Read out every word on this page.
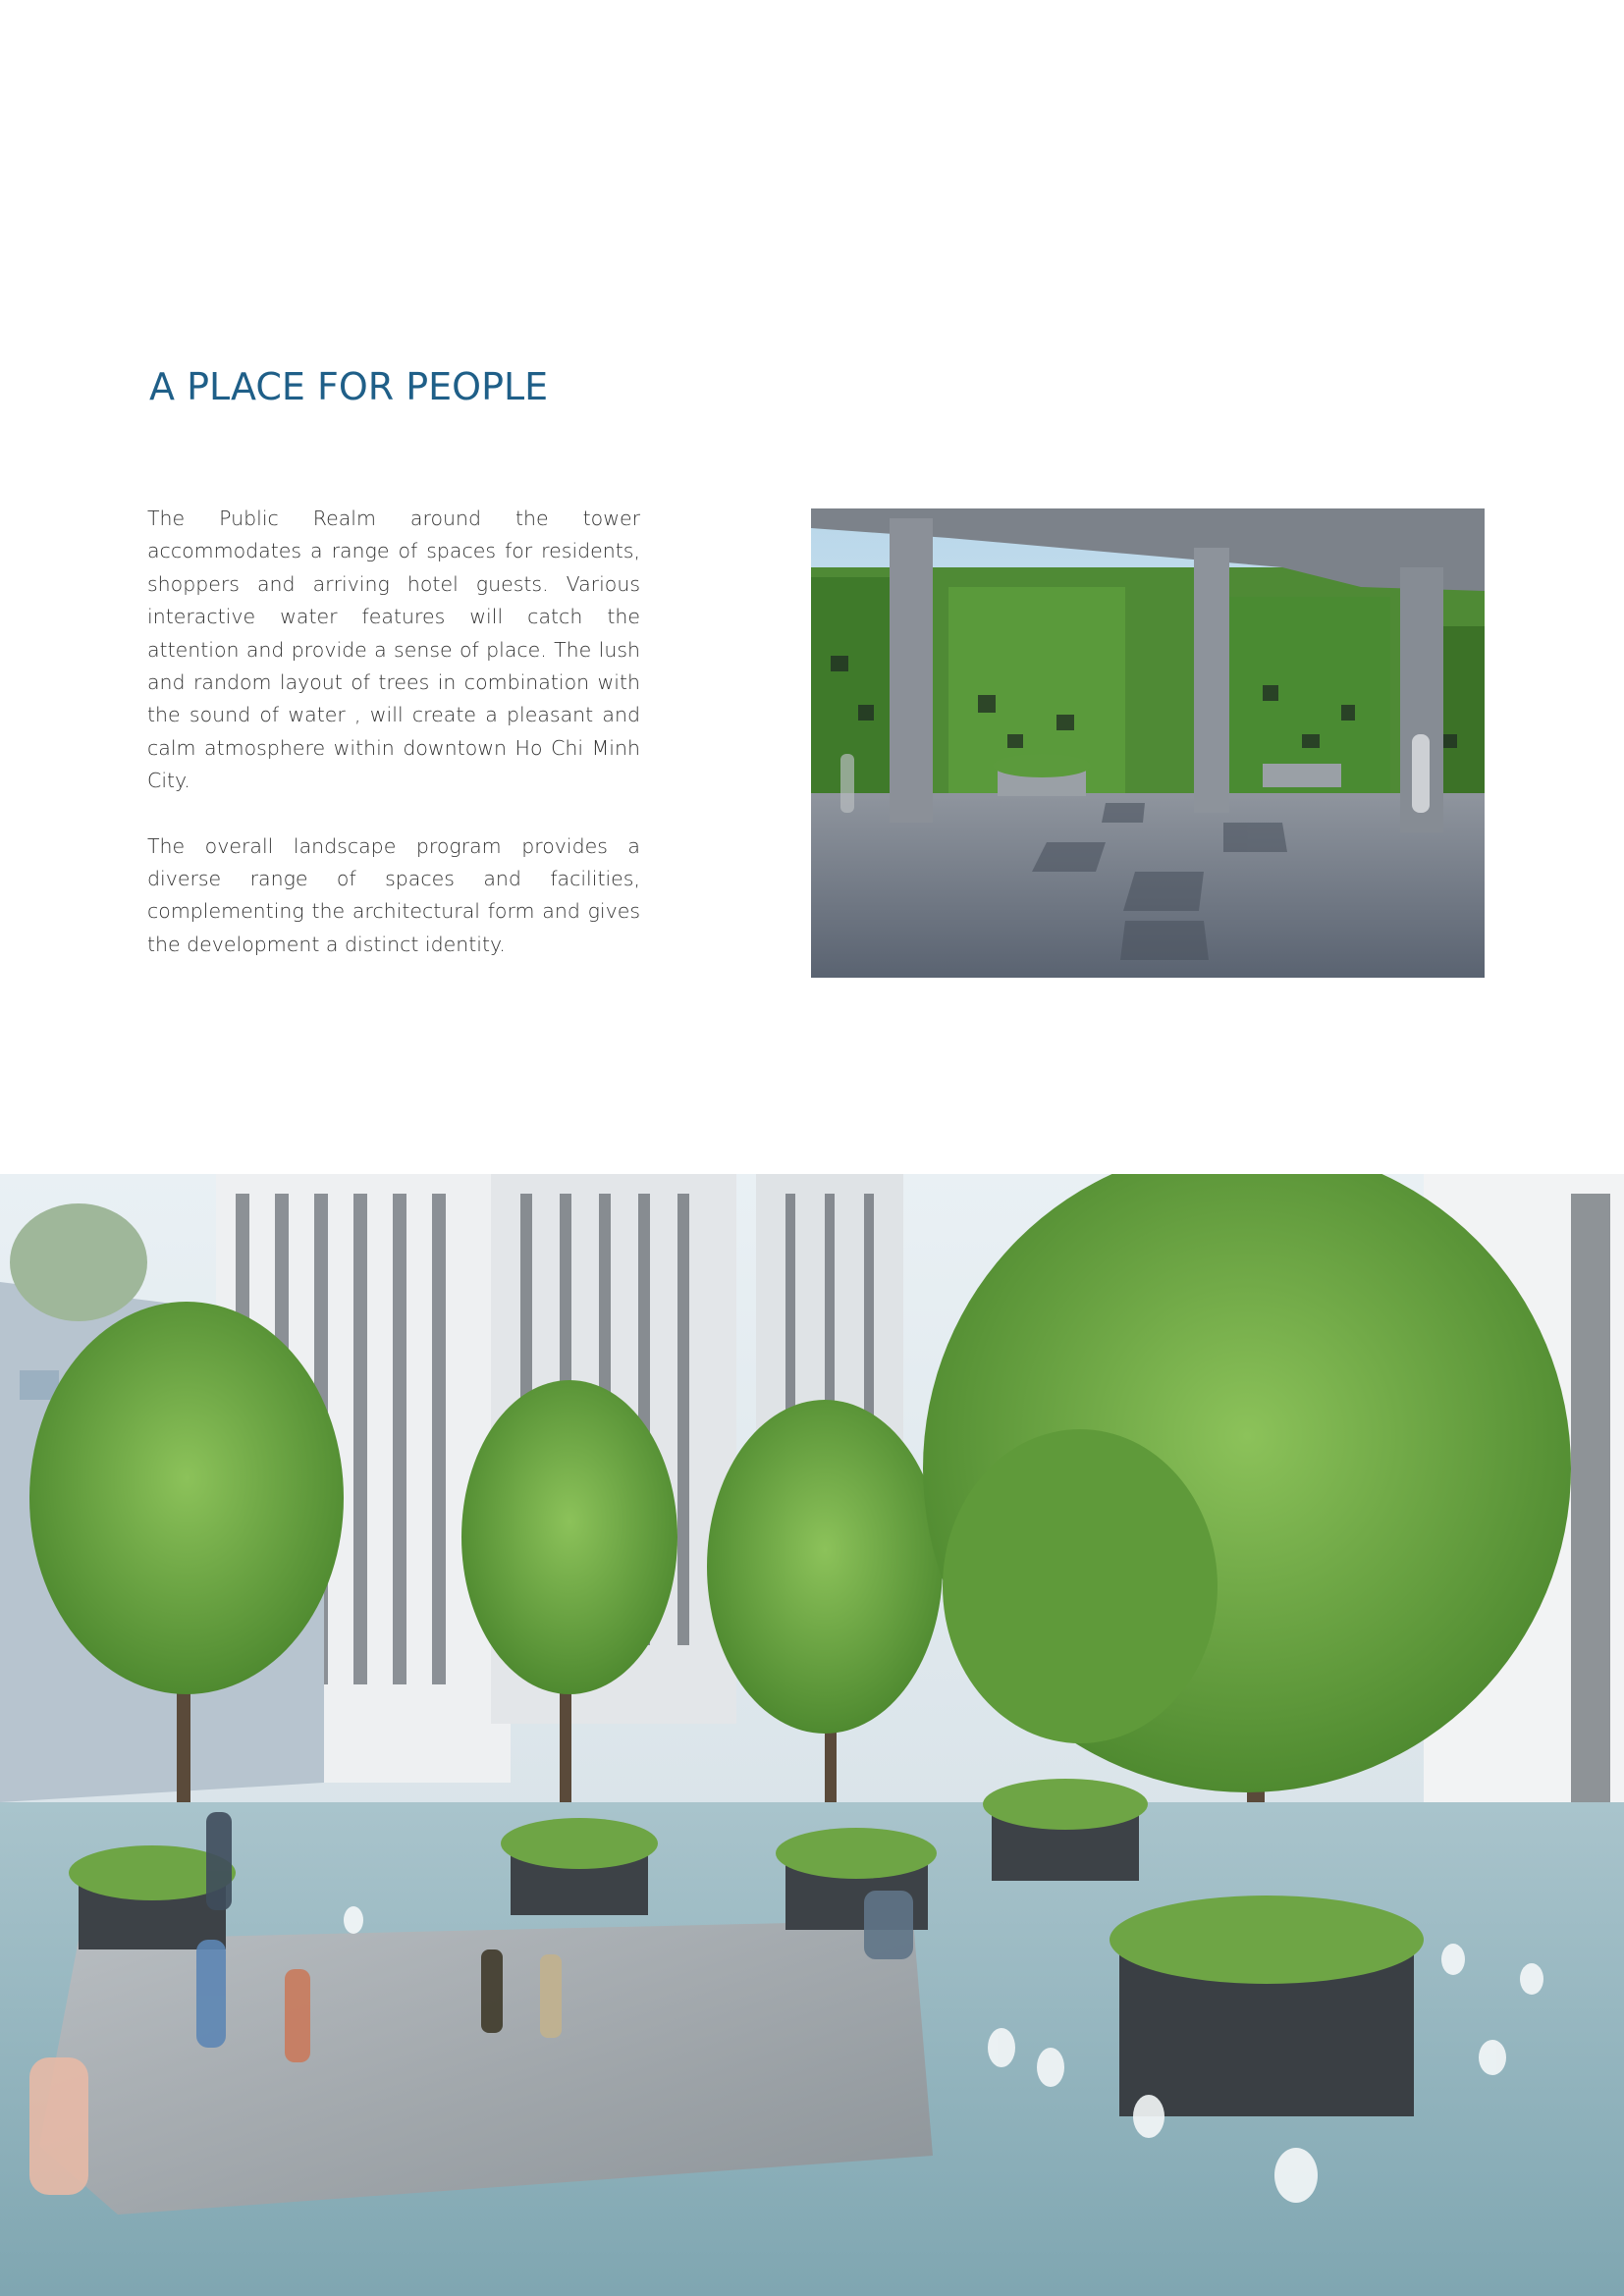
A PLACE FOR PEOPLE

The Public Realm around the tower accommodates a range of spaces for residents, shoppers and arriving hotel guests. Various interactive water features will catch the attention and provide a sense of place. The lush and random layout of trees in combination with the sound of water , will create a pleasant and calm atmosphere within downtown Ho Chi Minh City.

The overall landscape program provides a diverse range of spaces and facilities, complementing the architectural form and gives the development a distinct identity.
